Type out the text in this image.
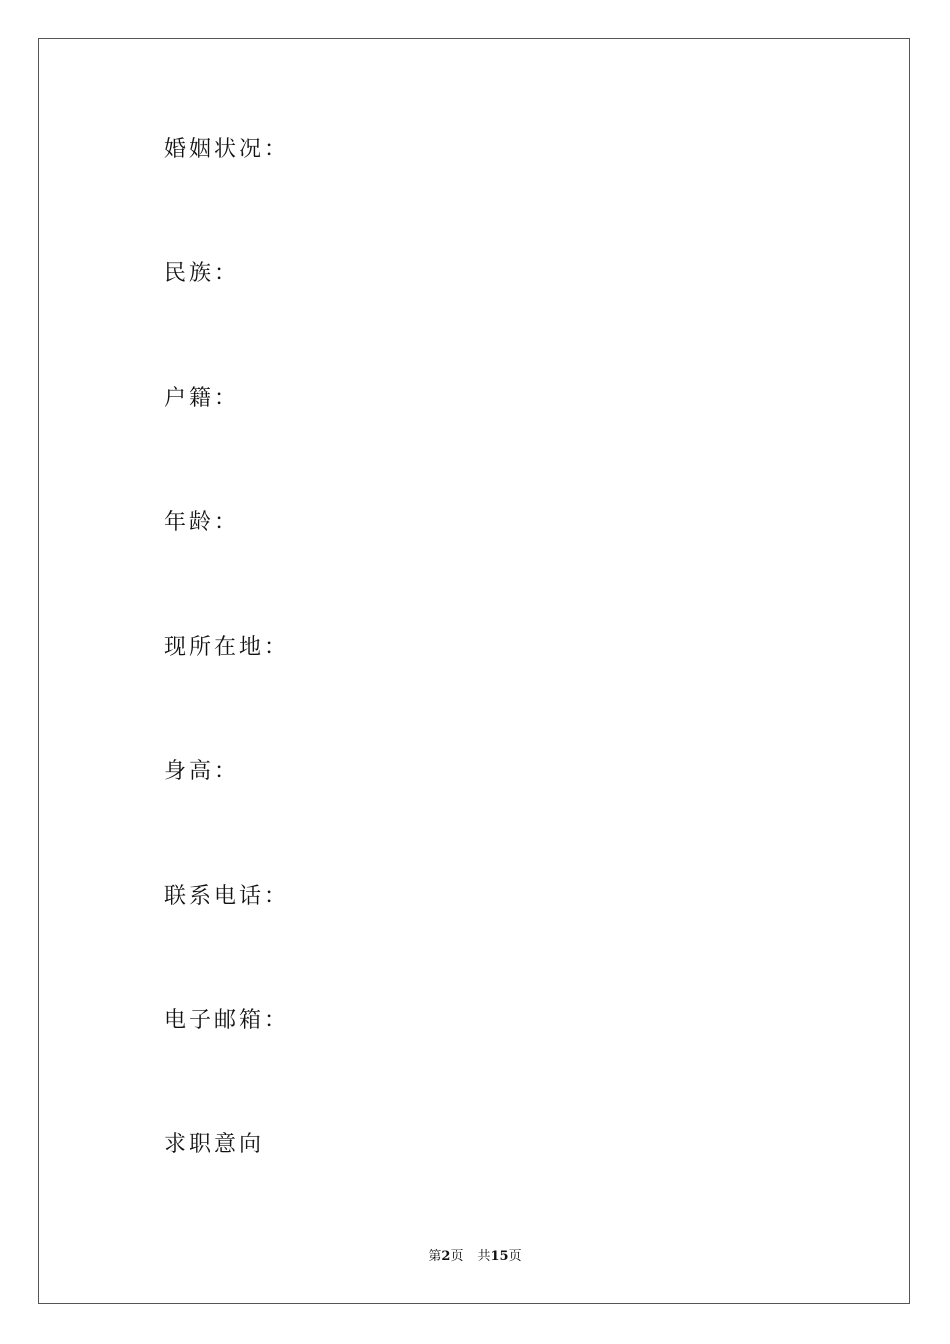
婚姻状况：
民族：
户籍：
年龄：
现所在地：
身高：
联系电话：
电子邮箱：
求职意向
第2页 共15页
